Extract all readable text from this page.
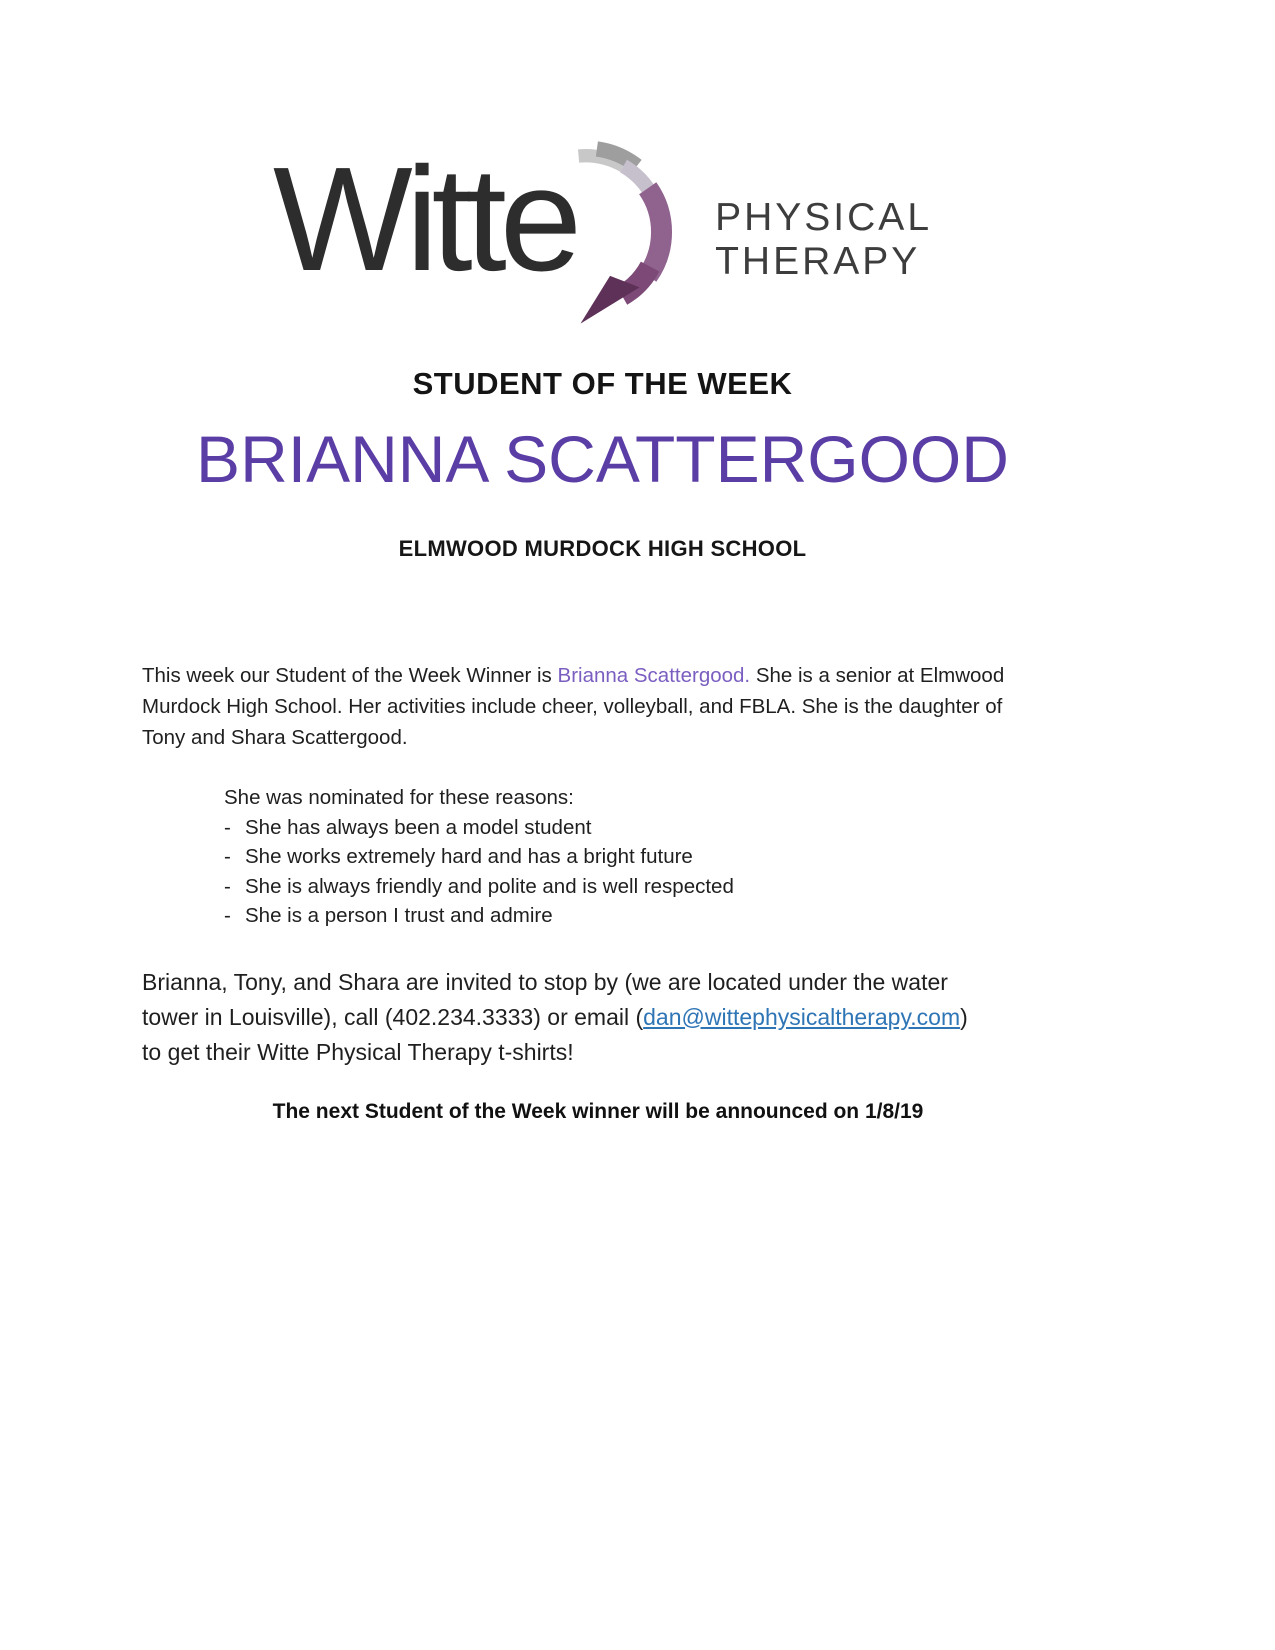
Witte	PHYSICAL
THERAPY
STUDENT OF THE WEEK
BRIANNA SCATTERGOOD
ELMWOOD MURDOCK HIGH SCHOOL

This week our Student of the Week Winner is Brianna Scattergood. She is a senior at Elmwood
Murdock High School. Her activities include cheer, volleyball, and FBLA. She is the daughter of
Tony and Shara Scattergood.

She was nominated for these reasons:

- She has always been a model student
- She works extremely hard and has a bright future
- She is always friendly and polite and is well respected
- She is a person I trust and admire

Brianna, Tony, and Shara are invited to stop by (we are located under the water
tower in Louisville), call (402.234.3333) or email (dan@wittephysicaltherapy.com)
to get their Witte Physical Therapy t-shirts!

The next Student of the Week winner will be announced on 1/8/19
